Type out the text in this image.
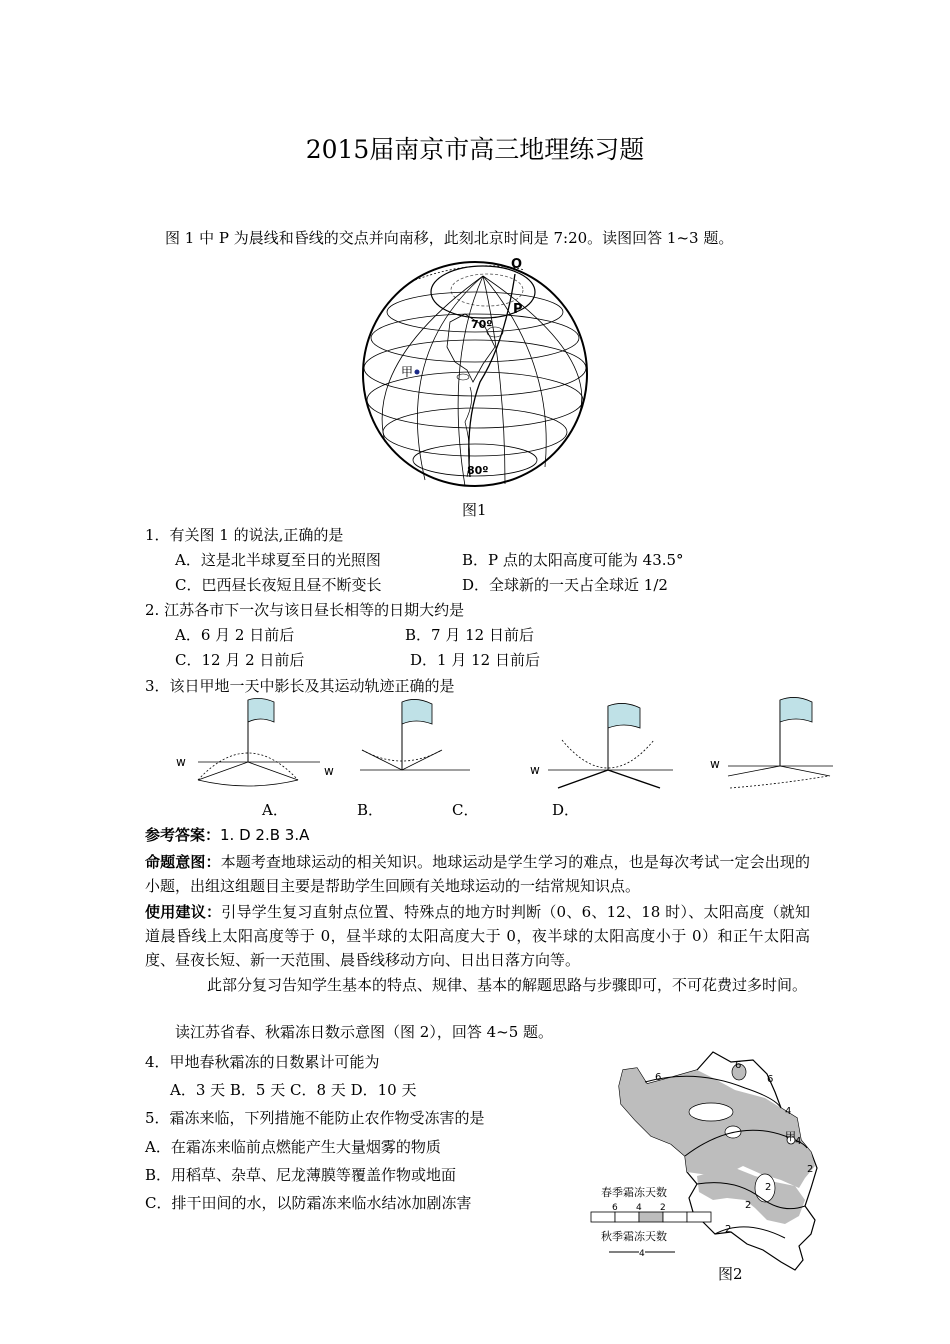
2015届南京市高三地理练习题
图 1 中 P 为晨线和昏线的交点并向南移，此刻北京时间是 7:20。读图回答 1~3 题。
O
P
70º
甲
80º
图1
1．有关图 1 的说法,正确的是
A．这是北半球夏至日的光照图	B．P 点的太阳高度可能为 43.5°
C．巴西昼长夜短且昼不断变长	D．全球新的一天占全球近 1/2
2. 江苏各市下一次与该日昼长相等的日期大约是
A．6 月 2 日前后	B．7 月 12 日前后
C．12 月 2 日前后	D．1 月 12 日前后
3．该日甲地一天中影长及其运动轨迹正确的是
w
w	w	w
A．	B．	C．	D．
参考答案：1. D 2.B 3.A
命题意图：本题考查地球运动的相关知识。地球运动是学生学习的难点，也是每次考试一定会出现的小题，出组这组题目主要是帮助学生回顾有关地球运动的一结常规知识点。
使用建议：引导学生复习直射点位置、特殊点的地方时判断（0、6、12、18 时）、太阳高度（就知道晨昏线上太阳高度等于 0，昼半球的太阳高度大于 0，夜半球的太阳高度小于 0）和正午太阳高度、昼夜长短、新一天范围、晨昏线移动方向、日出日落方向等。
此部分复习告知学生基本的特点、规律、基本的解题思路与步骤即可，不可花费过多时间。
读江苏省春、秋霜冻日数示意图（图 2），回答 4~5 题。
4．甲地春秋霜冻的日数累计可能为
A．3 天 B．5 天 C．8 天 D．10 天
5．霜冻来临，下列措施不能防止农作物受冻害的是
A．在霜冻来临前点燃能产生大量烟雾的物质
B．用稻草、杂草、尼龙薄膜等覆盖作物或地面
C．排干田间的水，以防霜冻来临水结冰加剧冻害
6
6
6
4
4
甲
2
2
2
2
春季霜冻天数
6 4 2
秋季霜冻天数
4
图2
